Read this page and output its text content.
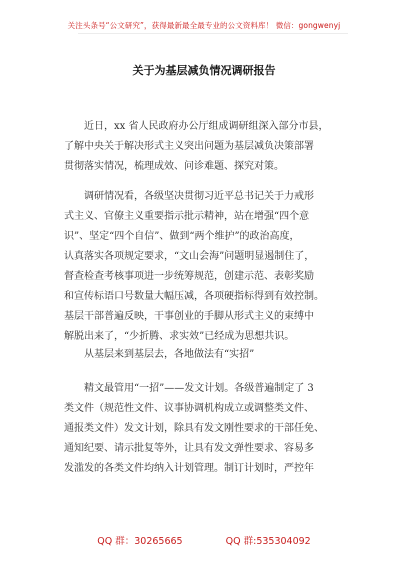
关注头条号“公文研究”，获得最新最全最专业的公文资料库！ 微信：gongwenyj
关于为基层减负情况调研报告
　　近日，xx 省人民政府办公厅组成调研组深入部分市县，
了解中央关于解决形式主义突出问题为基层减负决策部署
贯彻落实情况，梳理成效、问诊难题、探究对策。
　　调研情况看，各级坚决贯彻习近平总书记关于力戒形
式主义、官僚主义重要指示批示精神，站在增强“四个意
识”、坚定“四个自信”、做到“两个维护”的政治高度，
认真落实各项规定要求，“文山会海”问题明显遏制住了，
督查检查考核事项进一步统筹规范，创建示范、表彰奖励
和宣传标语口号数量大幅压减，各项硬指标得到有效控制。
基层干部普遍反映，干事创业的手脚从形式主义的束缚中
解脱出来了，“少折腾、求实效”已经成为思想共识。
　　从基层来到基层去，各地做法有“实招”
　　精文最管用“一招”——发文计划。各级普遍制定了 3
类文件（规范性文件、议事协调机构成立或调整类文件、
通报类文件）发文计划，除具有发文刚性要求的干部任免、
通知纪要、请示批复等外，让具有发文弹性要求、容易多
发滥发的各类文件均纳入计划管理。制订计划时，严控年
QQ 群：30265665	QQ 群:535304092
